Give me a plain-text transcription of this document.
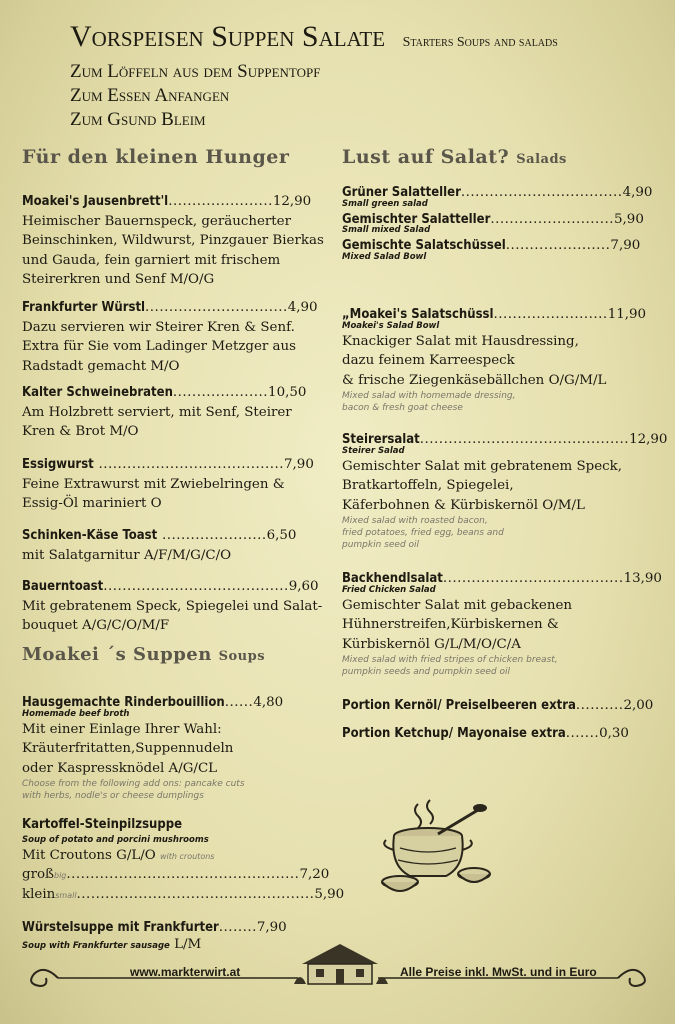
Vorspeisen Suppen Salate Starters Soups and salads
Zum Löffeln aus dem Suppentopf
Zum Essen Anfangen
Zum Gsund Bleim
Für den kleinen Hunger
Moakei's Jausenbrett'l......................12,90
Heimischer Bauernspeck, geräucherter
Beinschinken, Wildwurst, Pinzgauer Bierkas
und Gauda, fein garniert mit frischem
Steirerkren und Senf M/O/G
Frankfurter Würstl..............................4,90
Dazu servieren wir Steirer Kren & Senf.
Extra für Sie vom Ladinger Metzger aus
Radstadt gemacht M/O
Kalter Schweinebraten....................10,50
Am Holzbrett serviert, mit Senf, Steirer
Kren & Brot M/O
Essigwurst .......................................7,90
Feine Extrawurst mit Zwiebelringen &
Essig-Öl mariniert O
Schinken-Käse Toast ......................6,50
mit Salatgarnitur A/F/M/G/C/O
Bauerntoast.......................................9,60
Mit gebratenem Speck, Spiegelei und Salat-
bouquet A/G/C/O/M/F
Moakei ´s Suppen Soups
Hausgemachte Rinderbouillion......4,80
Homemade beef broth
Mit einer Einlage Ihrer Wahl:
Kräuterfritatten,Suppennudeln
oder Kaspressknödel A/G/CL
Choose from the following add ons: pancake cuts
with herbs, nodle's or cheese dumplings
Kartoffel-Steinpilzsuppe
Soup of potato and porcini mushrooms
Mit Croutons G/L/O with croutons
großbig.................................................7,20
kleinsmall..................................................5,90
Würstelsuppe mit Frankfurter........7,90
Soup with Frankfurter sausage L/M
Lust auf Salat? Salads
Grüner Salatteller..................................4,90
Small green salad
Gemischter Salatteller..........................5,90
Small mixed Salad
Gemischte Salatschüssel......................7,90
Mixed Salad Bowl
„Moakei's Salatschüssl........................11,90
Moakei's Salad Bowl
Knackiger Salat mit Hausdressing,
dazu feinem Karreespeck
& frische Ziegenkäsebällchen O/G/M/L
Mixed salad with homemade dressing,
bacon & fresh goat cheese
Steirersalat............................................12,90
Steirer Salad
Gemischter Salat mit gebratenem Speck,
Bratkartoffeln, Spiegelei,
Käferbohnen & Kürbiskernöl O/M/L
Mixed salad with roasted bacon,
fried potatoes, fried egg, beans and
pumpkin seed oil
Backhendlsalat......................................13,90
Fried Chicken Salad
Gemischter Salat mit gebackenen
Hühnerstreifen,Kürbiskernen &
Kürbiskernöl G/L/M/O/C/A
Mixed salad with fried stripes of chicken breast,
pumpkin seeds and pumpkin seed oil
Portion Kernöl/ Preiselbeeren extra..........2,00
Portion Ketchup/ Mayonaise extra.......0,30
www.markterwirt.at	Alle Preise inkl. MwSt. und in Euro
